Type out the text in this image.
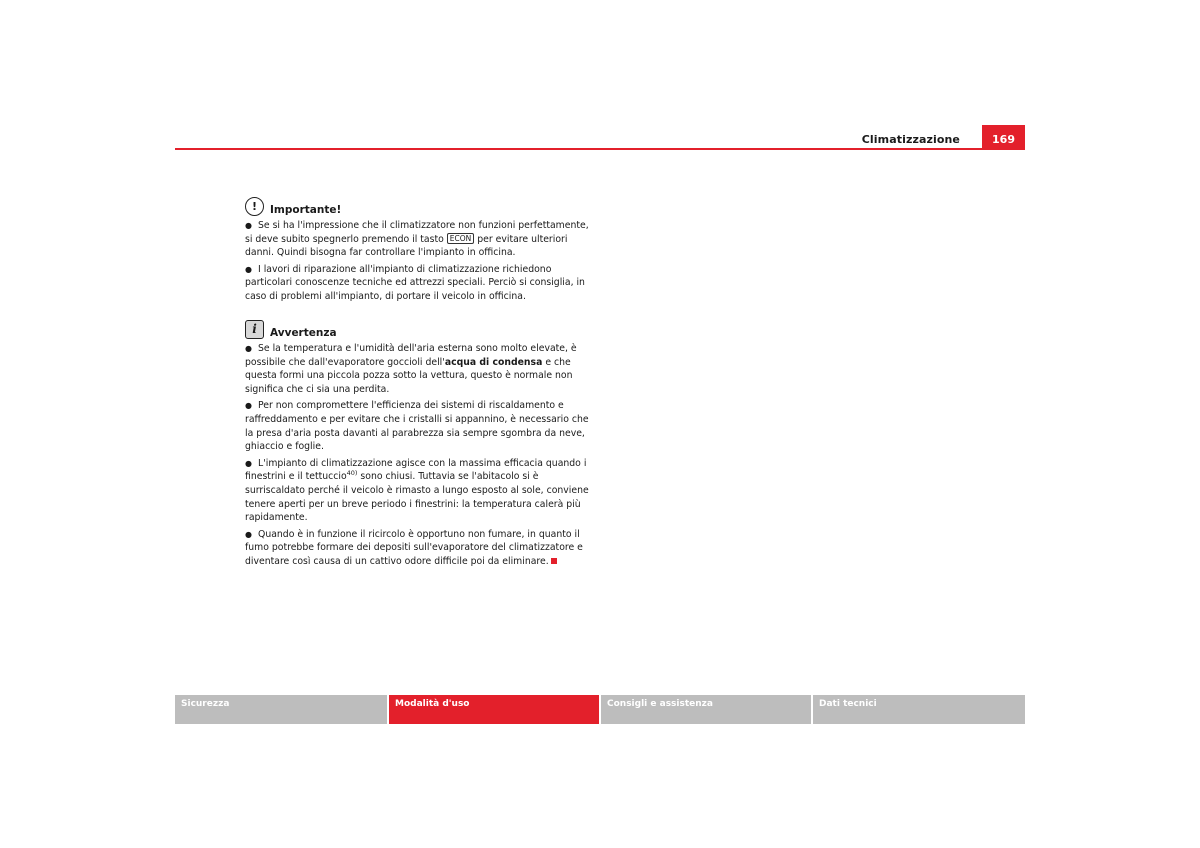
Climatizzazione	169
!	Importante!
● Se si ha l'impressione che il climatizzatore non funzioni perfettamente, si deve subito spegnerlo premendo il tasto ECON per evitare ulteriori danni. Quindi bisogna far controllare l'impianto in officina.
● I lavori di riparazione all'impianto di climatizzazione richiedono particolari conoscenze tecniche ed attrezzi speciali. Perciò si consiglia, in caso di problemi all'impianto, di portare il veicolo in officina.
i	Avvertenza
● Se la temperatura e l'umidità dell'aria esterna sono molto elevate, è possibile che dall'evaporatore goccioli dell'acqua di condensa e che questa formi una piccola pozza sotto la vettura, questo è normale non significa che ci sia una perdita.
● Per non compromettere l'efficienza dei sistemi di riscaldamento e raffreddamento e per evitare che i cristalli si appannino, è necessario che la presa d'aria posta davanti al parabrezza sia sempre sgombra da neve, ghiaccio e foglie.
● L'impianto di climatizzazione agisce con la massima efficacia quando i finestrini e il tettuccio$^{40)}$ sono chiusi. Tuttavia se l'abitacolo si è surriscaldato perché il veicolo è rimasto a lungo esposto al sole, conviene tenere aperti per un breve periodo i finestrini: la temperatura calerà più rapidamente.
● Quando è in funzione il ricircolo è opportuno non fumare, in quanto il fumo potrebbe formare dei depositi sull'evaporatore del climatizzatore e diventare così causa di un cattivo odore difficile poi da eliminare.
Sicurezza	Modalità d'uso	Consigli e assistenza	Dati tecnici
